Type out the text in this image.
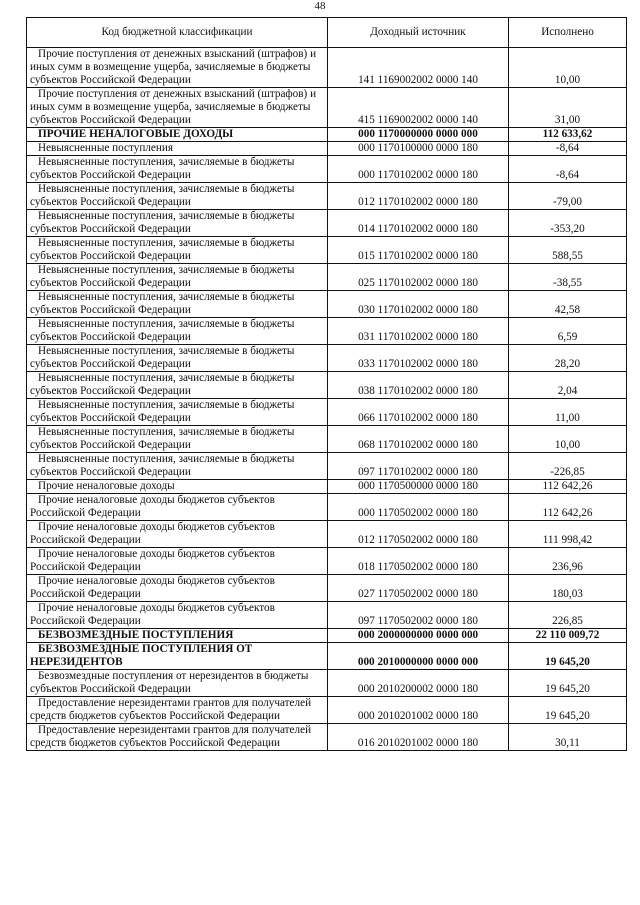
48
Код бюджетной классификации	Доходный источник	Исполнено
Прочие поступления от денежных взысканий (штрафов) и иных сумм в возмещение ущерба, зачисляемые в бюджеты субъектов Российской Федерации	141 1169002002 0000 140	10,00
Прочие поступления от денежных взысканий (штрафов) и иных сумм в возмещение ущерба, зачисляемые в бюджеты субъектов Российской Федерации	415 1169002002 0000 140	31,00
ПРОЧИЕ НЕНАЛОГОВЫЕ ДОХОДЫ	000 1170000000 0000 000	112 633,62
Невыясненные поступления	000 1170100000 0000 180	-8,64
Невыясненные поступления, зачисляемые в бюджеты субъектов Российской Федерации	000 1170102002 0000 180	-8,64
Невыясненные поступления, зачисляемые в бюджеты субъектов Российской Федерации	012 1170102002 0000 180	-79,00
Невыясненные поступления, зачисляемые в бюджеты субъектов Российской Федерации	014 1170102002 0000 180	-353,20
Невыясненные поступления, зачисляемые в бюджеты субъектов Российской Федерации	015 1170102002 0000 180	588,55
Невыясненные поступления, зачисляемые в бюджеты субъектов Российской Федерации	025 1170102002 0000 180	-38,55
Невыясненные поступления, зачисляемые в бюджеты субъектов Российской Федерации	030 1170102002 0000 180	42,58
Невыясненные поступления, зачисляемые в бюджеты субъектов Российской Федерации	031 1170102002 0000 180	6,59
Невыясненные поступления, зачисляемые в бюджеты субъектов Российской Федерации	033 1170102002 0000 180	28,20
Невыясненные поступления, зачисляемые в бюджеты субъектов Российской Федерации	038 1170102002 0000 180	2,04
Невыясненные поступления, зачисляемые в бюджеты субъектов Российской Федерации	066 1170102002 0000 180	11,00
Невыясненные поступления, зачисляемые в бюджеты субъектов Российской Федерации	068 1170102002 0000 180	10,00
Невыясненные поступления, зачисляемые в бюджеты субъектов Российской Федерации	097 1170102002 0000 180	-226,85
Прочие неналоговые доходы	000 1170500000 0000 180	112 642,26
Прочие неналоговые доходы бюджетов субъектов Российской Федерации	000 1170502002 0000 180	112 642,26
Прочие неналоговые доходы бюджетов субъектов Российской Федерации	012 1170502002 0000 180	111 998,42
Прочие неналоговые доходы бюджетов субъектов Российской Федерации	018 1170502002 0000 180	236,96
Прочие неналоговые доходы бюджетов субъектов Российской Федерации	027 1170502002 0000 180	180,03
Прочие неналоговые доходы бюджетов субъектов Российской Федерации	097 1170502002 0000 180	226,85
БЕЗВОЗМЕЗДНЫЕ ПОСТУПЛЕНИЯ	000 2000000000 0000 000	22 110 009,72
БЕЗВОЗМЕЗДНЫЕ ПОСТУПЛЕНИЯ ОТ НЕРЕЗИДЕНТОВ	000 2010000000 0000 000	19 645,20
Безвозмездные поступления от нерезидентов в бюджеты субъектов Российской Федерации	000 2010200002 0000 180	19 645,20
Предоставление нерезидентами грантов для получателей средств бюджетов субъектов Российской Федерации	000 2010201002 0000 180	19 645,20
Предоставление нерезидентами грантов для получателей средств бюджетов субъектов Российской Федерации	016 2010201002 0000 180	30,11
